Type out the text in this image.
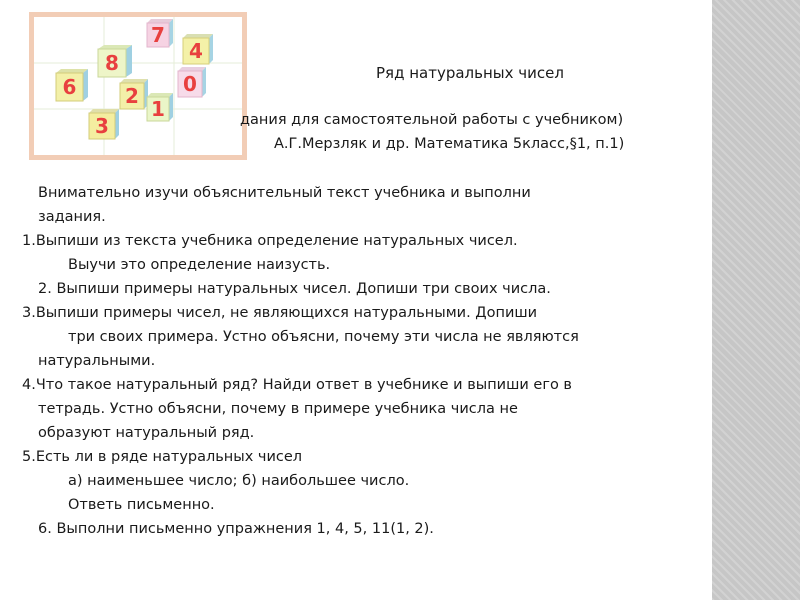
7
4
8
6	0
2
1
3
Ряд натуральных чисел
дания для самостоятельной работы с учебником)
А.Г.Мерзляк и др. Математика 5класс,§1, п.1)
Внимательно изучи объяснительный текст учебника и выполни
задания.
1.Выпиши из текста учебника определение натуральных чисел.
Выучи это определение наизусть.
2. Выпиши примеры натуральных чисел. Допиши три своих числа.
3.Выпиши примеры чисел, не являющихся натуральными. Допиши
три своих примера. Устно объясни, почему эти числа не являются
натуральными.
4.Что такое натуральный ряд? Найди ответ в учебнике и выпиши его в
тетрадь. Устно объясни, почему в примере учебника числа не
образуют натуральный ряд.
5.Есть ли в ряде натуральных чисел
а) наименьшее число; б) наибольшее число.
Ответь письменно.
6. Выполни письменно упражнения 1, 4, 5, 11(1, 2).
